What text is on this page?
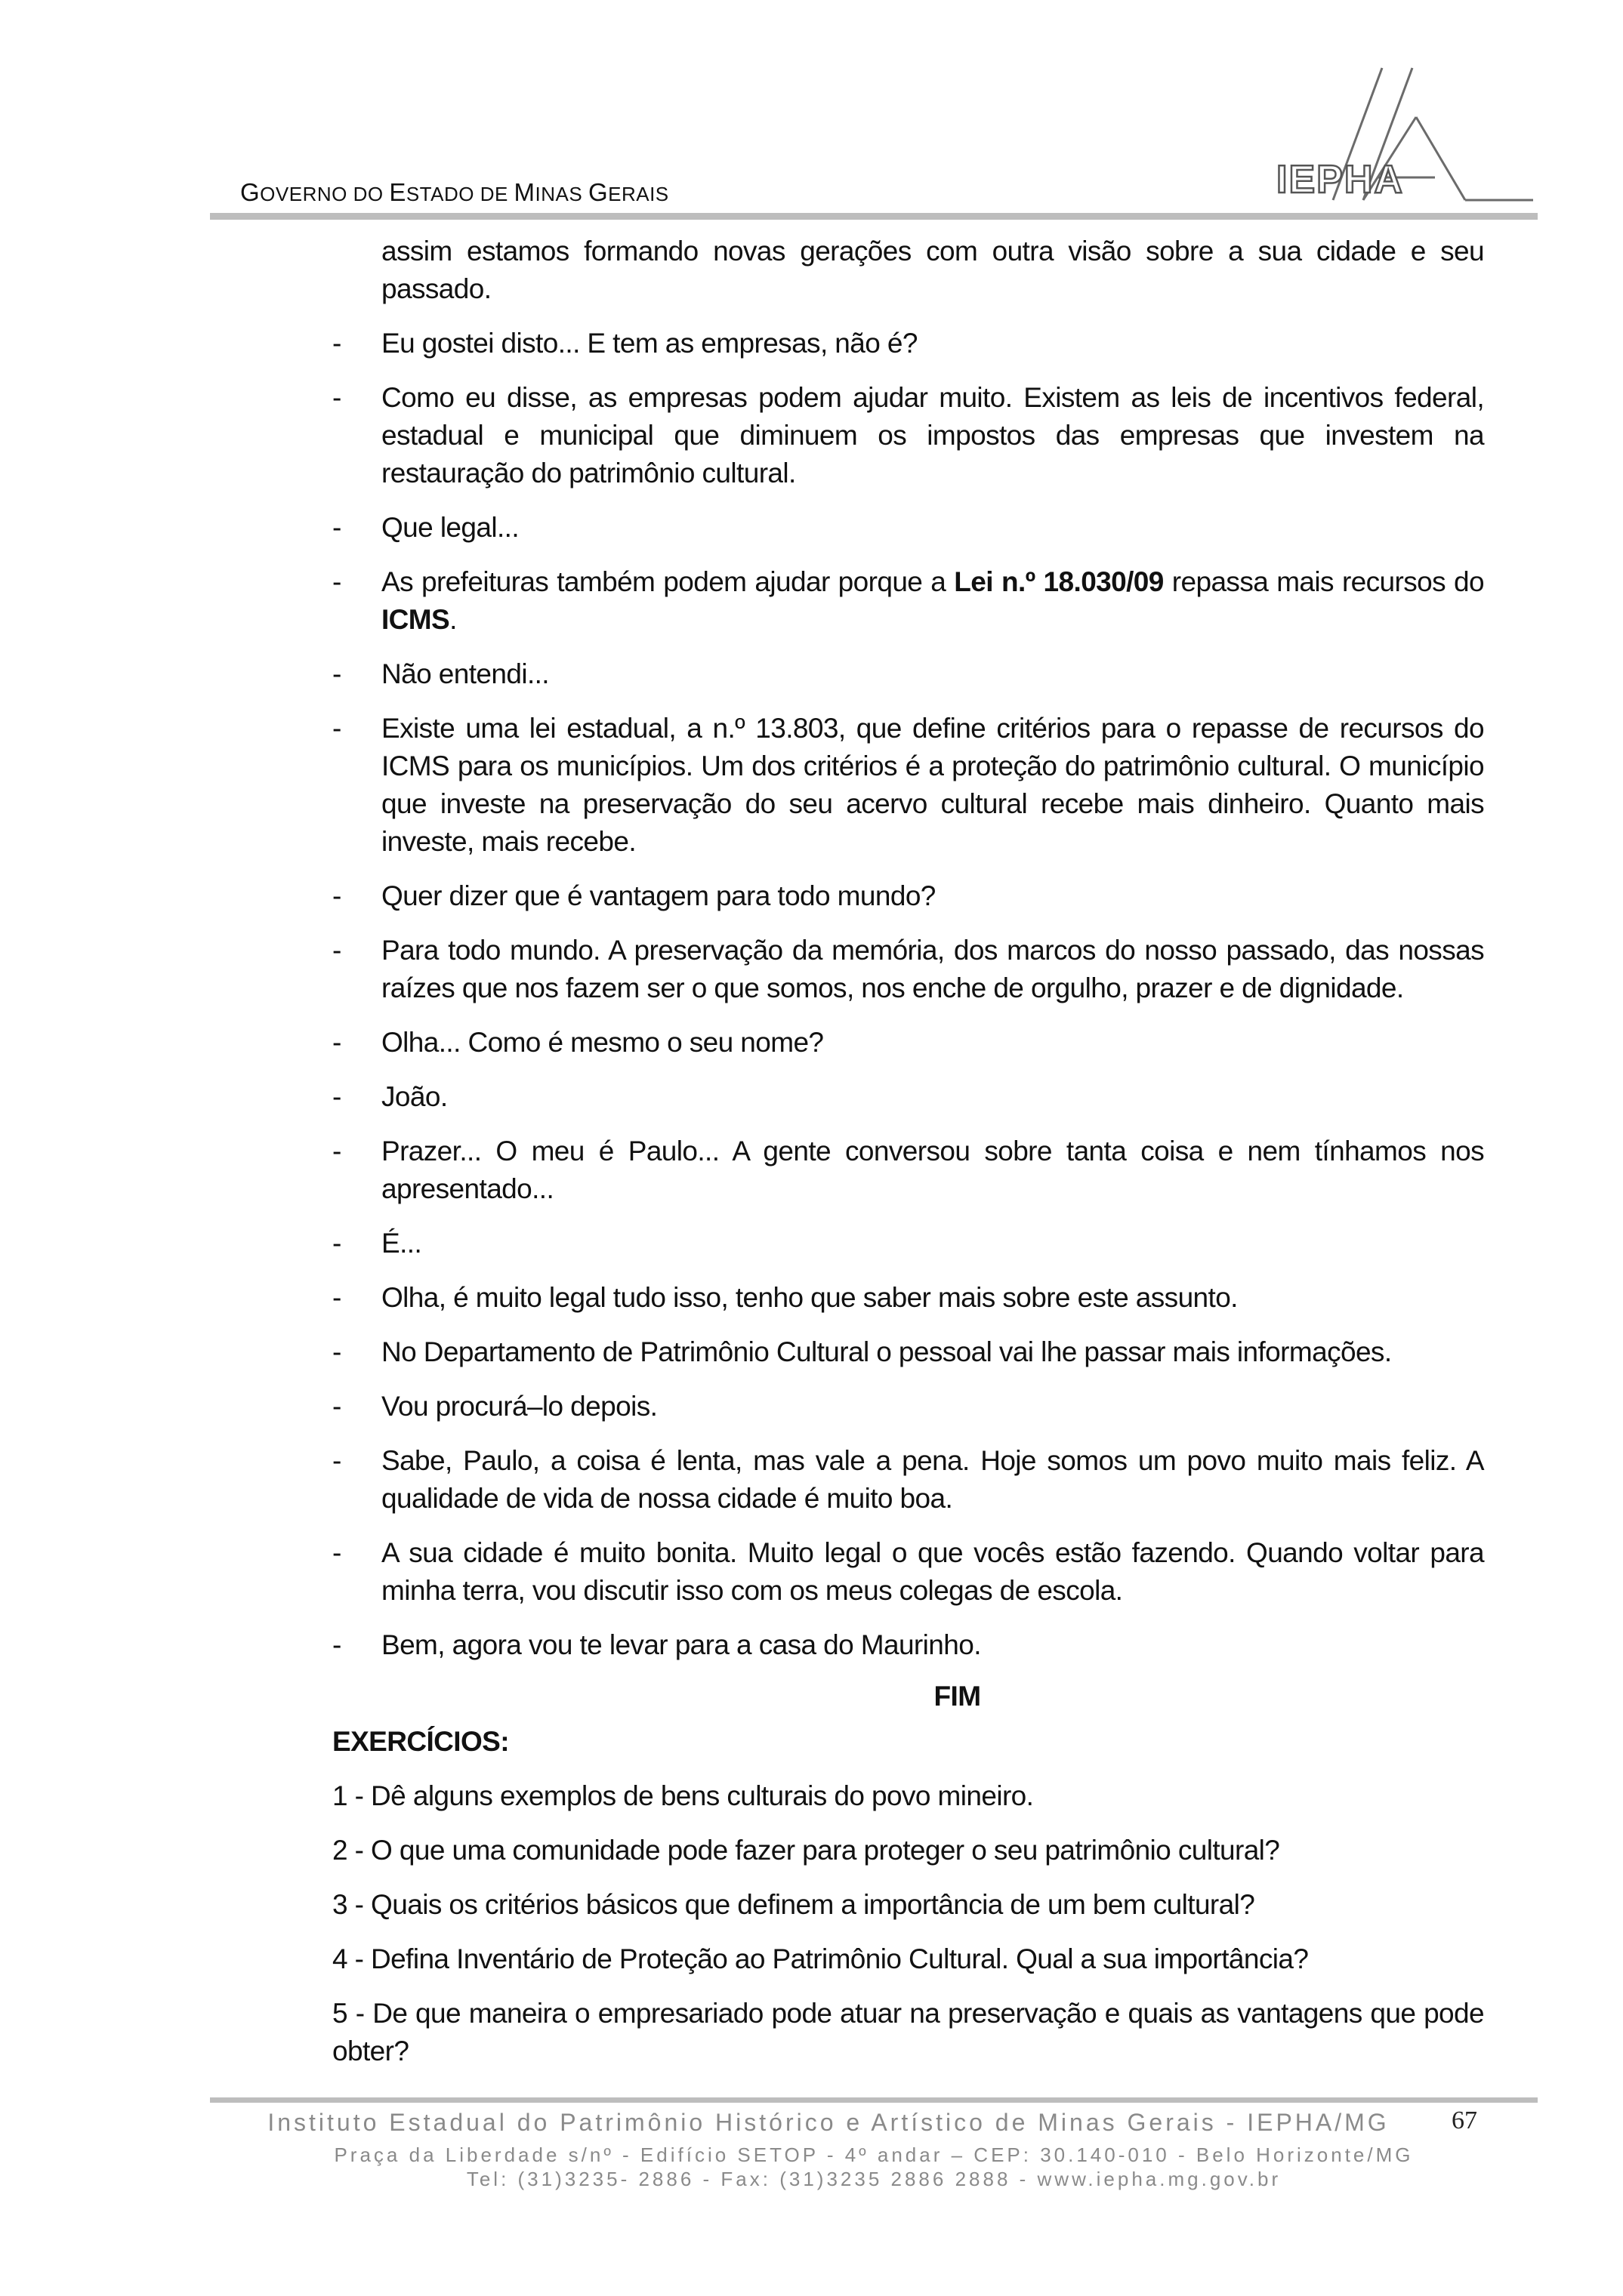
GOVERNO DO ESTADO DE MINAS GERAIS	IEPHA
assim estamos formando novas gerações com outra visão sobre a sua cidade e seu passado.
- Eu gostei disto... E tem as empresas, não é?
- Como eu disse, as empresas podem ajudar muito. Existem as leis de incentivos federal, estadual e municipal que diminuem os impostos das empresas que investem na restauração do patrimônio cultural.
- Que legal...
- As prefeituras também podem ajudar porque a Lei n.º 18.030/09 repassa mais recursos do ICMS.
- Não entendi...
- Existe uma lei estadual, a n.º 13.803, que define critérios para o repasse de recursos do ICMS para os municípios. Um dos critérios é a proteção do patrimônio cultural. O município que investe na preservação do seu acervo cultural recebe mais dinheiro. Quanto mais investe, mais recebe.
- Quer dizer que é vantagem para todo mundo?
- Para todo mundo. A preservação da memória, dos marcos do nosso passado, das nossas raízes que nos fazem ser o que somos, nos enche de orgulho, prazer e de dignidade.
- Olha... Como é mesmo o seu nome?
- João.
- Prazer... O meu é Paulo... A gente conversou sobre tanta coisa e nem tínhamos nos apresentado...
- É...
- Olha, é muito legal tudo isso, tenho que saber mais sobre este assunto.
- No Departamento de Patrimônio Cultural o pessoal vai lhe passar mais informações.
- Vou procurá–lo depois.
- Sabe, Paulo, a coisa é lenta, mas vale a pena. Hoje somos um povo muito mais feliz. A qualidade de vida de nossa cidade é muito boa.
- A sua cidade é muito bonita. Muito legal o que vocês estão fazendo. Quando voltar para minha terra, vou discutir isso com os meus colegas de escola.
- Bem, agora vou te levar para a casa do Maurinho.
FIM
EXERCÍCIOS:
1 - Dê alguns exemplos de bens culturais do povo mineiro.
2 - O que uma comunidade pode fazer para proteger o seu patrimônio cultural?
3 - Quais os critérios básicos que definem a importância de um bem cultural?
4 - Defina Inventário de Proteção ao Patrimônio Cultural. Qual a sua importância?
5 - De que maneira o empresariado pode atuar na preservação e quais as vantagens que pode obter?
Instituto Estadual do Patrimônio Histórico e Artístico de Minas Gerais - IEPHA/MG
Praça da Liberdade s/nº - Edifício SETOP - 4º andar – CEP: 30.140-010 - Belo Horizonte/MG
Tel: (31)3235- 2886 - Fax: (31)3235 2886 2888 - www.iepha.mg.gov.br
67
